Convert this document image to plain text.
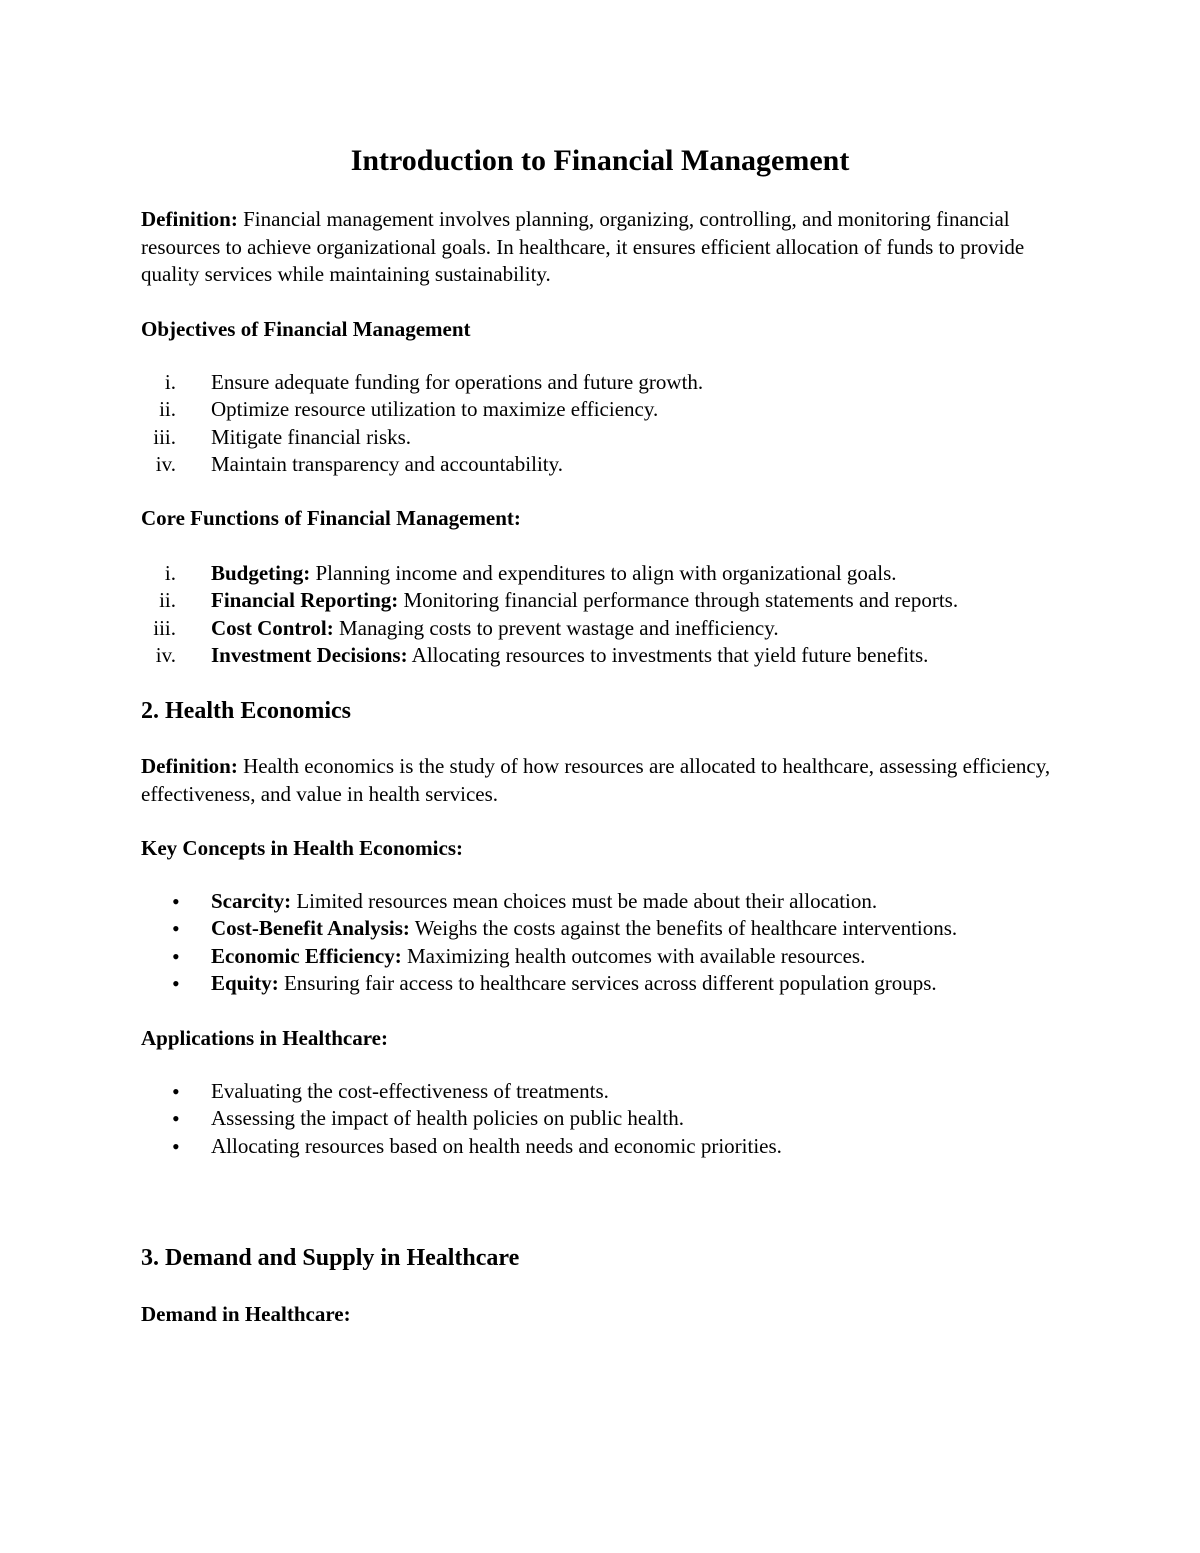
Introduction to Financial Management

Definition: Financial management involves planning, organizing, controlling, and monitoring financial resources to achieve organizational goals. In healthcare, it ensures efficient allocation of funds to provide quality services while maintaining sustainability.

Objectives of Financial Management
i. Ensure adequate funding for operations and future growth.
ii. Optimize resource utilization to maximize efficiency.
iii. Mitigate financial risks.
iv. Maintain transparency and accountability.
Core Functions of Financial Management:
i. Budgeting: Planning income and expenditures to align with organizational goals.
ii. Financial Reporting: Monitoring financial performance through statements and reports.
iii. Cost Control: Managing costs to prevent wastage and inefficiency.
iv. Investment Decisions: Allocating resources to investments that yield future benefits.
2. Health Economics

Definition: Health economics is the study of how resources are allocated to healthcare, assessing efficiency, effectiveness, and value in health services.

Key Concepts in Health Economics:
• Scarcity: Limited resources mean choices must be made about their allocation.
• Cost-Benefit Analysis: Weighs the costs against the benefits of healthcare interventions.
• Economic Efficiency: Maximizing health outcomes with available resources.
• Equity: Ensuring fair access to healthcare services across different population groups.
Applications in Healthcare:
• Evaluating the cost-effectiveness of treatments.
• Assessing the impact of health policies on public health.
• Allocating resources based on health needs and economic priorities.
3. Demand and Supply in Healthcare
Demand in Healthcare:
